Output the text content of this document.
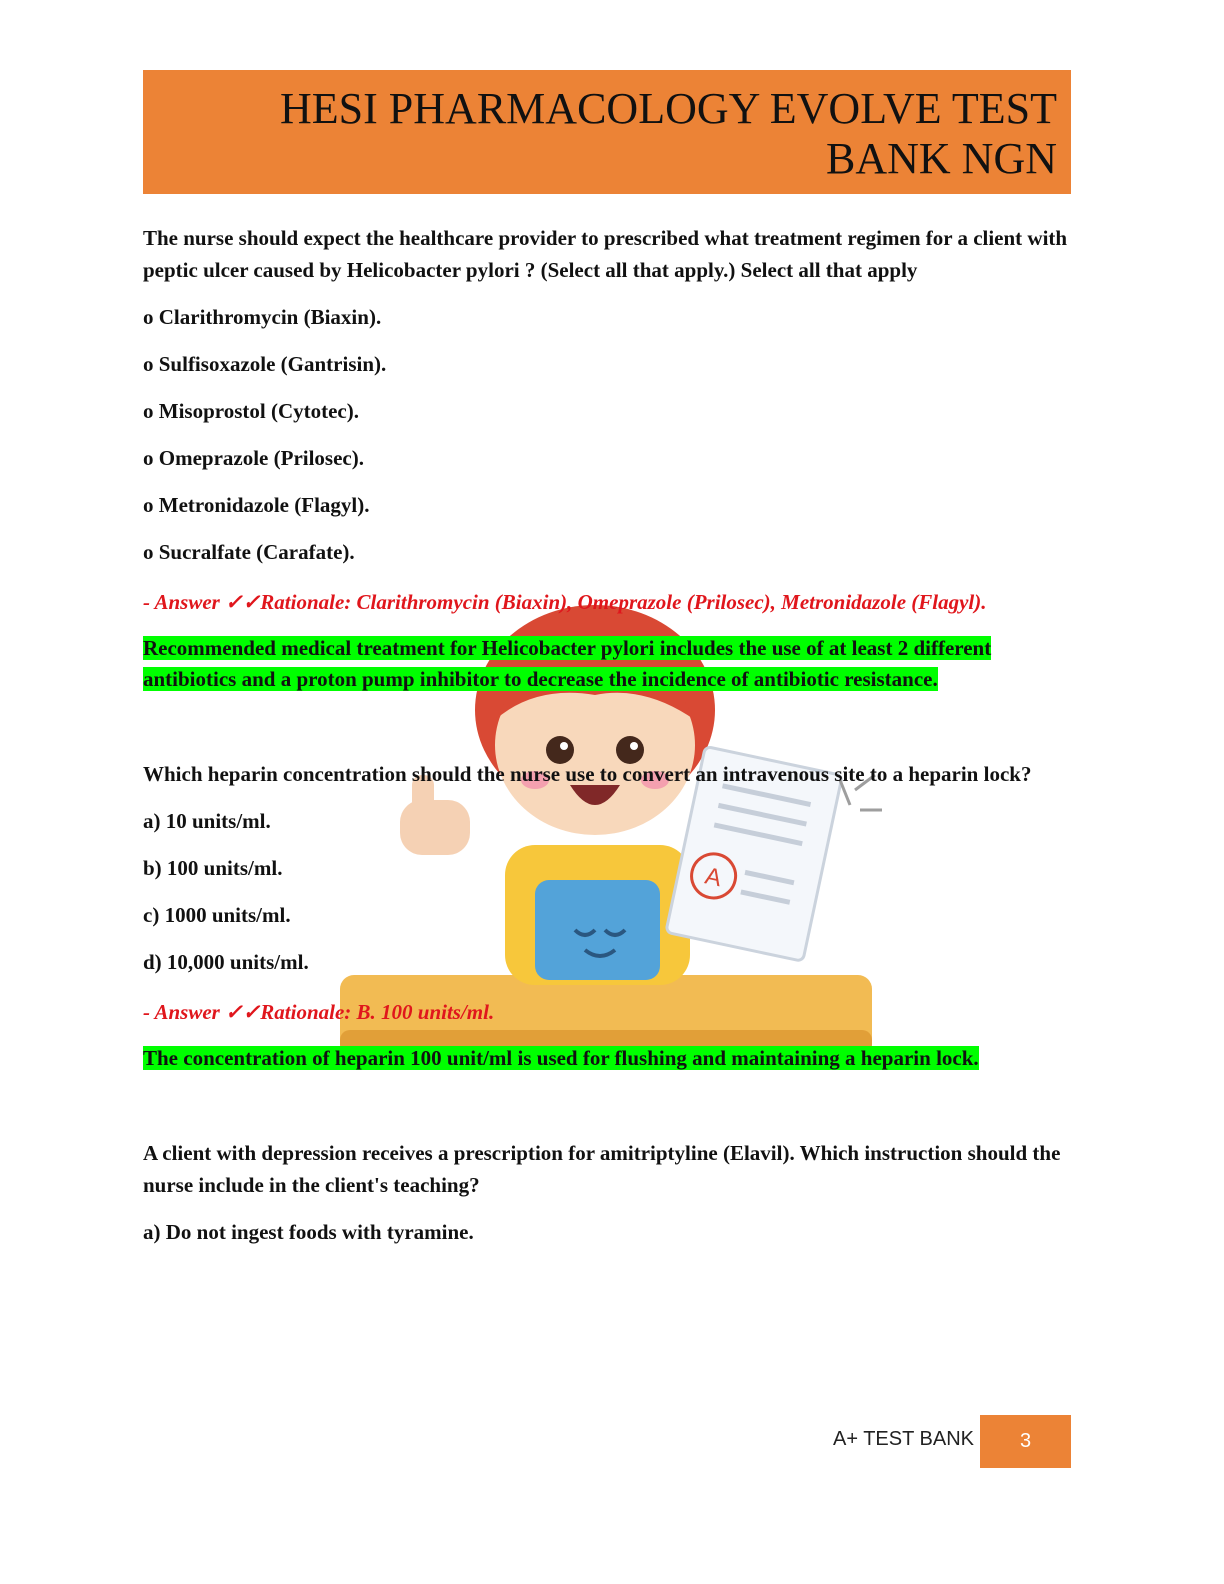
HESI PHARMACOLOGY EVOLVE TEST
BANK NGN
A

The nurse should expect the healthcare provider to prescribed what treatment regimen for a client with peptic ulcer caused by Helicobacter pylori ? (Select all that apply.) Select all that apply

o Clarithromycin (Biaxin).

o Sulfisoxazole (Gantrisin).

o Misoprostol (Cytotec).

o Omeprazole (Prilosec).

o Metronidazole (Flagyl).

o Sucralfate (Carafate).

- Answer ✓✓Rationale: Clarithromycin (Biaxin), Omeprazole (Prilosec), Metronidazole (Flagyl).

Recommended medical treatment for Helicobacter pylori includes the use of at least 2 different antibiotics and a proton pump inhibitor to decrease the incidence of antibiotic resistance.

Which heparin concentration should the nurse use to convert an intravenous site to a heparin lock?

a) 10 units/ml.

b) 100 units/ml.

c) 1000 units/ml.

d) 10,000 units/ml.

- Answer ✓✓Rationale: B. 100 units/ml.

The concentration of heparin 100 unit/ml is used for flushing and maintaining a heparin lock.

A client with depression receives a prescription for amitriptyline (Elavil). Which instruction should the nurse include in the client's teaching?

a) Do not ingest foods with tyramine.

A+ TEST BANK	3
